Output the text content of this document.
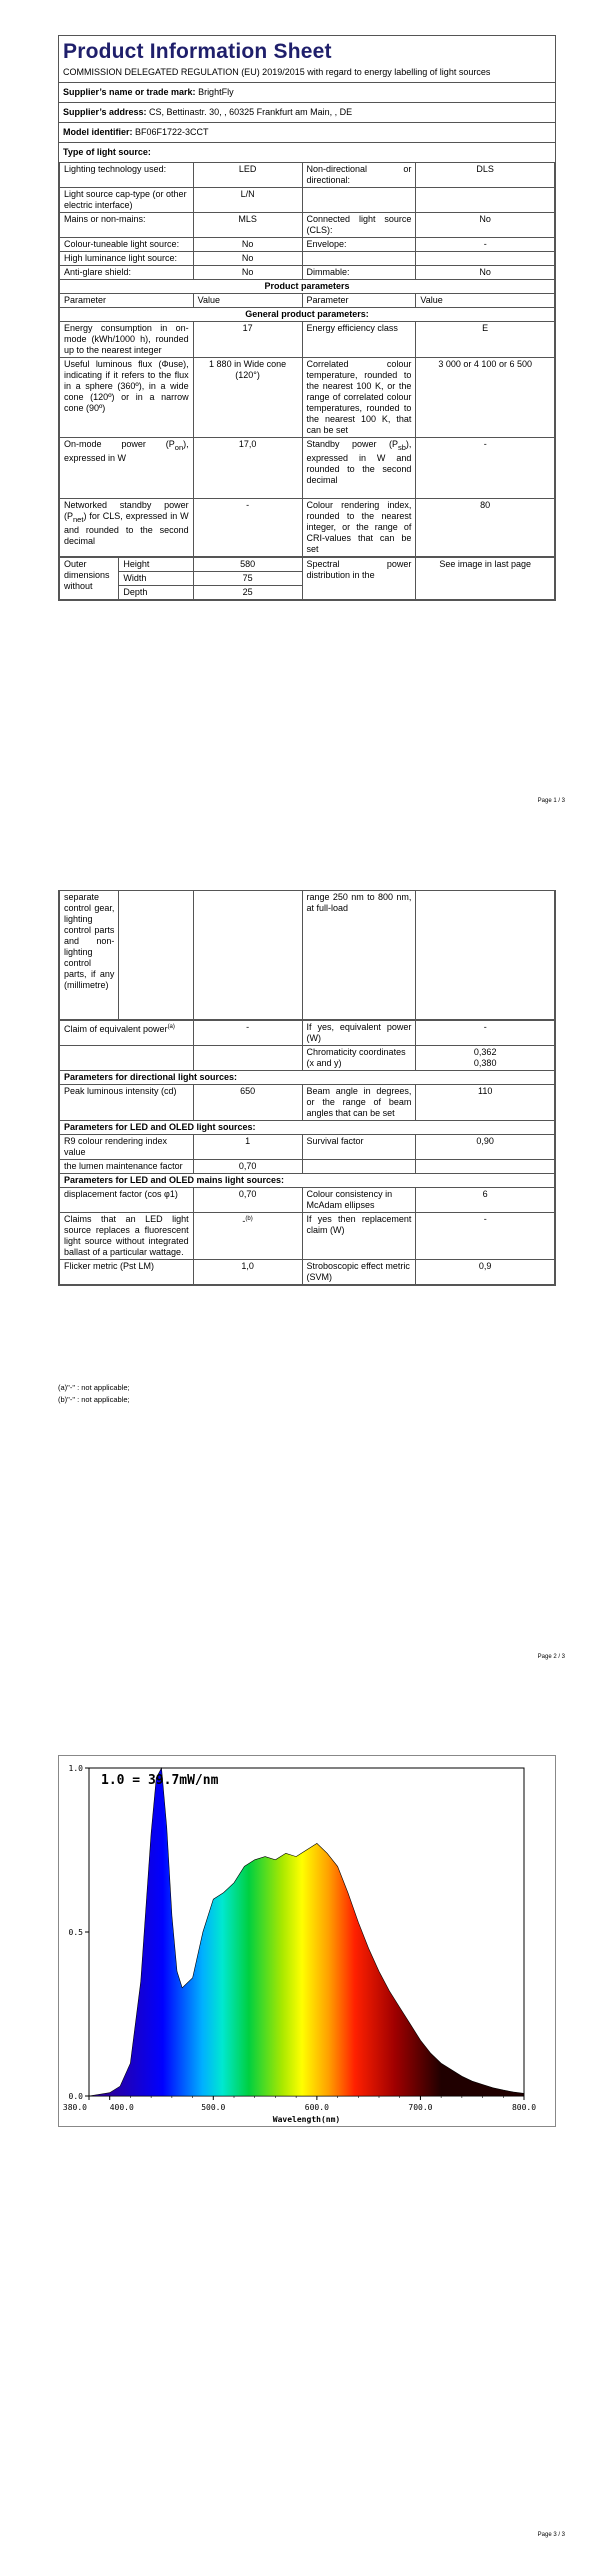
Product Information Sheet
COMMISSION DELEGATED REGULATION (EU) 2019/2015 with regard to energy labelling of light sources
Supplier’s name or trade mark: BrightFly
Supplier’s address: CS, Bettinastr. 30, , 60325 Frankfurt am Main, , DE
Model identifier: BF06F1722-3CCT
Type of light source:
Lighting technology used:	LED	Non-directional or directional:	DLS
Light source cap-type (or other electric interface)	L/N		
Mains or non-mains:	MLS	Connected light source (CLS):	No
Colour-tuneable light source:	No	Envelope:	-
High luminance light source:	No		
Anti-glare shield:	No	Dimmable:	No
Product parameters			
Parameter	Value	Parameter	Value
General product parameters:			
Energy consumption in on-mode (kWh/1000 h), rounded up to the nearest integer	17	Energy efficiency class	E
Useful luminous flux (Φuse), indicating if it refers to the flux in a sphere (360º), in a wide cone (120º) or in a narrow cone (90º)	1 880 in Wide cone (120°)	Correlated colour temperature, rounded to the nearest 100 K, or the range of correlated colour temperatures, rounded to the nearest 100 K, that can be set	3 000 or 4 100 or 6 500
On-mode power $(P_{on})$, expressed in W	17,0	Standby power $(P_{sb})$, expressed in W and rounded to the second decimal	-
Networked standby power $(P_{net})$ for CLS, expressed in W and rounded to the second decimal	-	Colour rendering index, rounded to the nearest integer, or the range of CRI-values that can be set	80
Outer dimensions without	Height	580	Spectral power distribution in the	See image in last page
	Width	75		
	Depth	25		
Page 1 / 3
separate control gear, lighting control parts and non-lighting control parts, if any (millimetre)			range 250 nm to 800 nm, at full-load	
Claim of equivalent power$^{(a)}$	-	If yes, equivalent power (W)	-
		Chromaticity coordinates (x and y)	0,362
0,380
Parameters for directional light sources:			
Peak luminous intensity (cd)	650	Beam angle in degrees, or the range of beam angles that can be set	110
Parameters for LED and OLED light sources:			
R9 colour rendering index value	1	Survival factor	0,90
the lumen maintenance factor	0,70		
Parameters for LED and OLED mains light sources:			
displacement factor (cos φ1)	0,70	Colour consistency in McAdam ellipses	6
Claims that an LED light source replaces a fluorescent light source without integrated ballast of a particular wattage.	-$^{(b)}$	If yes then replacement claim (W)	-
Flicker metric (Pst LM)	1,0	Stroboscopic effect metric (SVM)	0,9
(a)"-" : not applicable;
(b)"-" : not applicable;
Page 2 / 3
0.0
0.5
1.0
380.0	400.0	500.0	600.0	700.0	800.0
1.0 = 39.7mW/nm
Wavelength(nm)
Page 3 / 3
